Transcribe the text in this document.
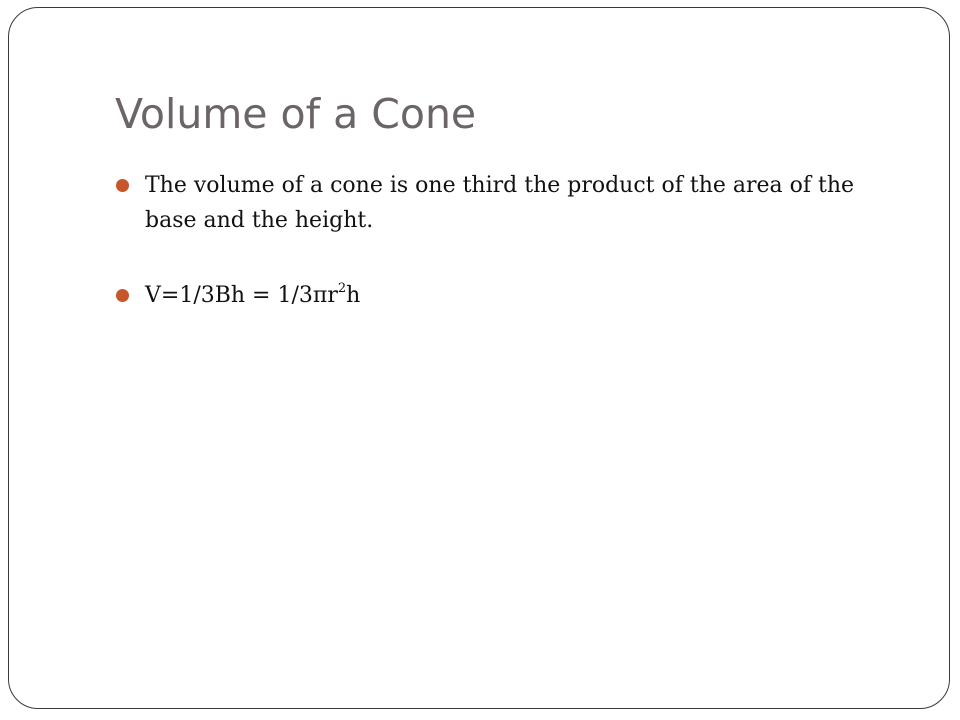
Volume of a Cone
The volume of a cone is one third the product of the area of the base and the height.
$V=1/3Bh = 1/3\pi r^2h$
